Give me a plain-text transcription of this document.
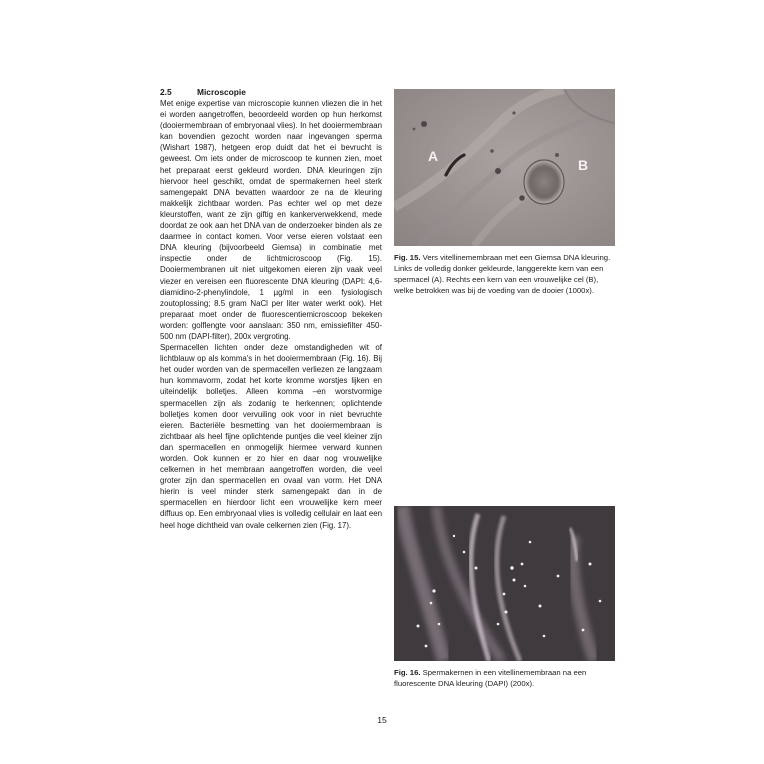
2.5	Microscopie

Met enige expertise van microscopie kunnen vliezen die in het ei worden aangetroffen, beoordeeld worden op hun herkomst (dooiermembraan of embryonaal vlies). In het dooiermembraan kan bovendien gezocht worden naar ingevangen sperma (Wishart 1987), hetgeen erop duidt dat het ei bevrucht is geweest. Om iets onder de microscoop te kunnen zien, moet het preparaat eerst gekleurd worden. DNA kleuringen zijn hiervoor heel geschikt, omdat de spermakernen heel sterk samengepakt DNA bevatten waardoor ze na de kleuring makkelijk zichtbaar worden. Pas echter wel op met deze kleurstoffen, want ze zijn giftig en kankerverwekkend, mede doordat ze ook aan het DNA van de onderzoeker binden als ze daarmee in contact komen. Voor verse eieren volstaat een DNA kleuring (bijvoorbeeld Giemsa) in combinatie met inspectie onder de lichtmicroscoop (Fig. 15). Dooiermembranen uit niet uitgekomen eieren zijn vaak veel viezer en vereisen een fluorescente DNA kleuring (DAPI: 4,6-diamidino-2-phenylindole, 1 µg/ml in een fysiologisch zoutoplossing; 8.5 gram NaCl per liter water werkt ook). Het preparaat moet onder de fluorescentiemicroscoop bekeken worden: golflengte voor aanslaan: 350 nm, emissiefilter 450-500 nm (DAPI-filter), 200x vergroting.

Spermacellen lichten onder deze omstandigheden wit of lichtblauw op als komma's in het dooiermembraan (Fig. 16). Bij het ouder worden van de spermacellen verliezen ze langzaam hun kommavorm, zodat het korte kromme worstjes lijken en uiteindelijk bolletjes. Alleen komma –en worstvormige spermacellen zijn als zodanig te herkennen; oplichtende bolletjes komen door vervuiling ook voor in niet bevruchte eieren. Bacteriële besmetting van het dooiermembraan is zichtbaar als heel fijne oplichtende puntjes die veel kleiner zijn dan spermacellen en onmogelijk hiermee verward kunnen worden. Ook kunnen er zo hier en daar nog vrouwelijke celkernen in het membraan aangetroffen worden, die veel groter zijn dan spermacellen en ovaal van vorm. Het DNA hierin is veel minder sterk samengepakt dan in de spermacellen en hierdoor licht een vrouwelijke kern meer diffuus op. Een embryonaal vlies is volledig cellulair en laat een heel hoge dichtheid van ovale celkernen zien (Fig. 17).

A
B

Fig. 15. Vers vitellinemembraan met een Giemsa DNA kleuring. Links de volledig donker gekleurde, langgerekte kern van een spermacel (A). Rechts een kern van een vrouwelijke cel (B), welke betrokken was bij de voeding van de dooier (1000x).

Fig. 16. Spermakernen in een vitellinemembraan na een fluorescente DNA kleuring (DAPI) (200x).

15
